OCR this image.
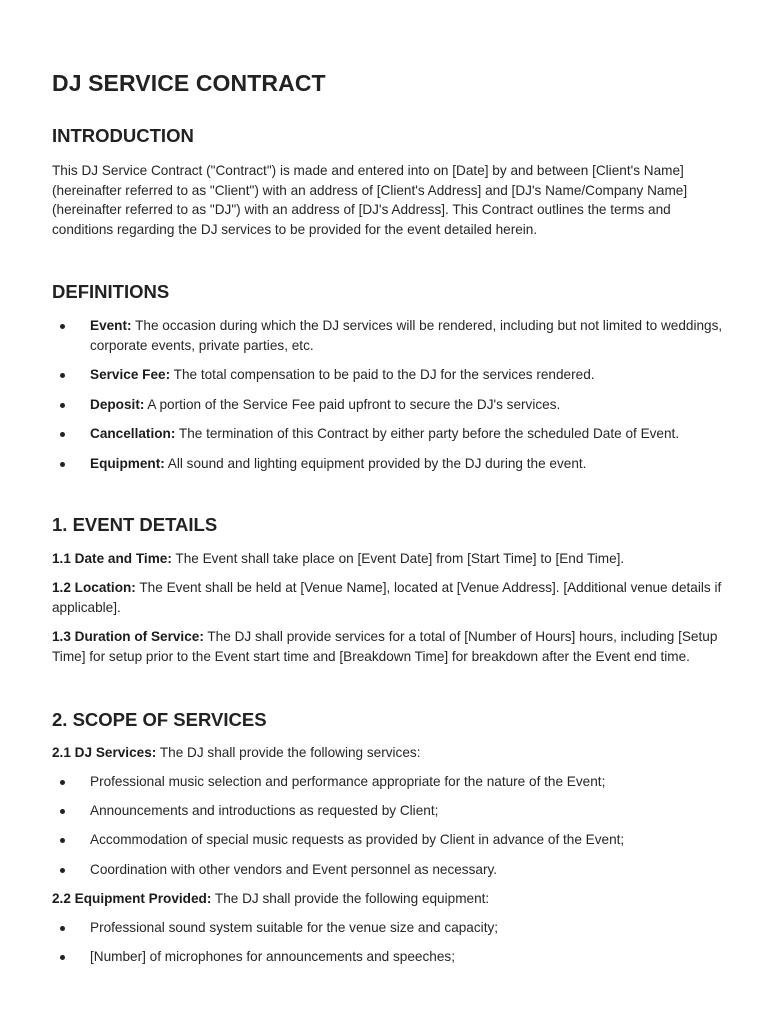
DJ SERVICE CONTRACT
INTRODUCTION

This DJ Service Contract ("Contract") is made and entered into on [Date] by and between [Client's Name] (hereinafter referred to as "Client") with an address of [Client's Address] and [DJ's Name/Company Name] (hereinafter referred to as "DJ") with an address of [DJ's Address]. This Contract outlines the terms and conditions regarding the DJ services to be provided for the event detailed herein.

DEFINITIONS

Event: The occasion during which the DJ services will be rendered, including but not limited to weddings, corporate events, private parties, etc.

Service Fee: The total compensation to be paid to the DJ for the services rendered.

Deposit: A portion of the Service Fee paid upfront to secure the DJ's services.

Cancellation: The termination of this Contract by either party before the scheduled Date of Event.

Equipment: All sound and lighting equipment provided by the DJ during the event.

1. EVENT DETAILS

1.1 Date and Time: The Event shall take place on [Event Date] from [Start Time] to [End Time].

1.2 Location: The Event shall be held at [Venue Name], located at [Venue Address]. [Additional venue details if applicable].

1.3 Duration of Service: The DJ shall provide services for a total of [Number of Hours] hours, including [Setup Time] for setup prior to the Event start time and [Breakdown Time] for breakdown after the Event end time.

2. SCOPE OF SERVICES

2.1 DJ Services: The DJ shall provide the following services:

Professional music selection and performance appropriate for the nature of the Event;

Announcements and introductions as requested by Client;

Accommodation of special music requests as provided by Client in advance of the Event;

Coordination with other vendors and Event personnel as necessary.

2.2 Equipment Provided: The DJ shall provide the following equipment:

Professional sound system suitable for the venue size and capacity;

[Number] of microphones for announcements and speeches;
